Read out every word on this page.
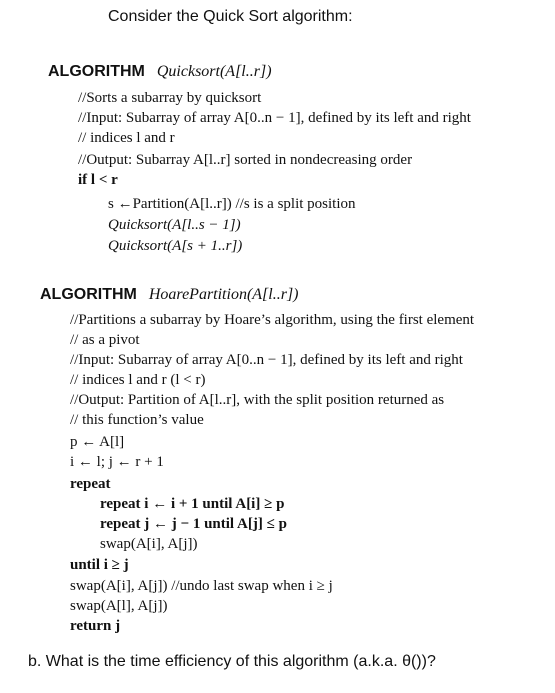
Consider the Quick Sort algorithm:
ALGORITHM Quicksort(A[l..r])
//Sorts a subarray by quicksort
//Input: Subarray of array A[0..n − 1], defined by its left and right
// indices l and r
//Output: Subarray A[l..r] sorted in nondecreasing order
if l < r
s ←Partition(A[l..r]) //s is a split position
Quicksort(A[l..s − 1])
Quicksort(A[s + 1..r])
ALGORITHM HoarePartition(A[l..r])
//Partitions a subarray by Hoare’s algorithm, using the first element
// as a pivot
//Input: Subarray of array A[0..n − 1], defined by its left and right
// indices l and r (l < r)
//Output: Partition of A[l..r], with the split position returned as
// this function’s value
p ← A[l]
i ← l; j ← r + 1
repeat
repeat i ← i + 1 until A[i] ≥ p
repeat j ← j − 1 until A[j] ≤ p
swap(A[i], A[j])
until i ≥ j
swap(A[i], A[j]) //undo last swap when i ≥ j
swap(A[l], A[j])
return j
b. What is the time efficiency of this algorithm (a.k.a. θ())?
